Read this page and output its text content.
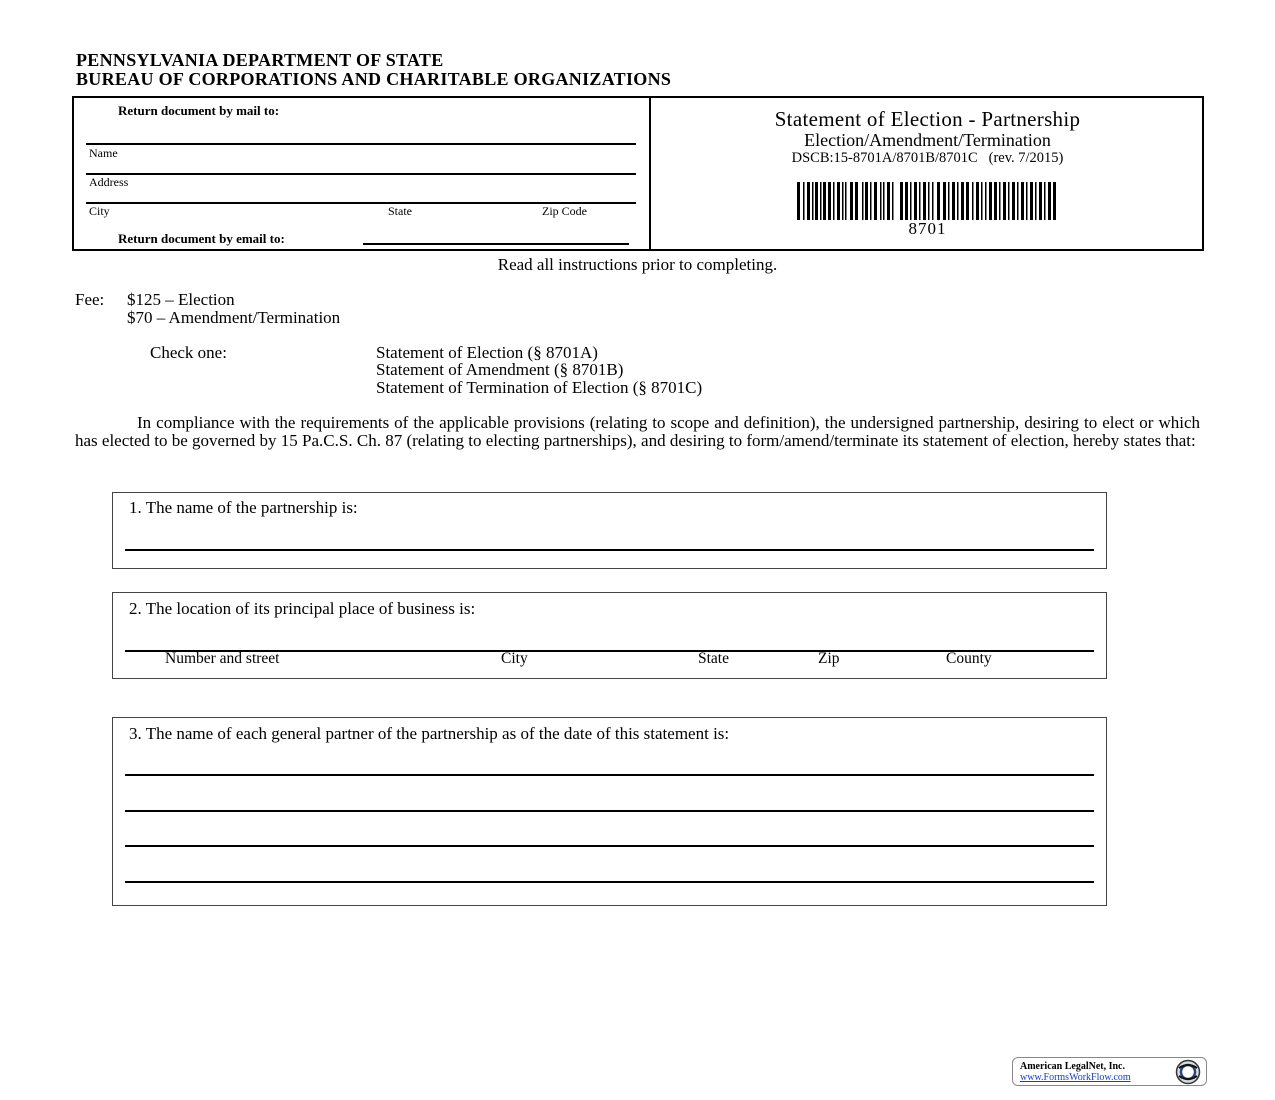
PENNSYLVANIA DEPARTMENT OF STATE
BUREAU OF CORPORATIONS AND CHARITABLE ORGANIZATIONS
Return document by mail to:
Name
Address
City	State	Zip Code
Return document by email to:
Statement of Election - Partnership
Election/Amendment/Termination
DSCB:15-8701A/8701B/8701C (rev. 7/2015)
8701
Read all instructions prior to completing.
Fee: $125 – Election
$70 – Amendment/Termination
Check one:	Statement of Election (§ 8701A)
Statement of Amendment (§ 8701B)
Statement of Termination of Election (§ 8701C)
In compliance with the requirements of the applicable provisions (relating to scope and definition), the undersigned partnership, desiring to elect or which has elected to be governed by 15 Pa.C.S. Ch. 87 (relating to electing partnerships), and desiring to form/amend/terminate its statement of election, hereby states that:
1. The name of the partnership is:
2. The location of its principal place of business is:
Number and street	City	State	Zip	County
3. The name of each general partner of the partnership as of the date of this statement is:
American LegalNet, Inc.
www.FormsWorkFlow.com
